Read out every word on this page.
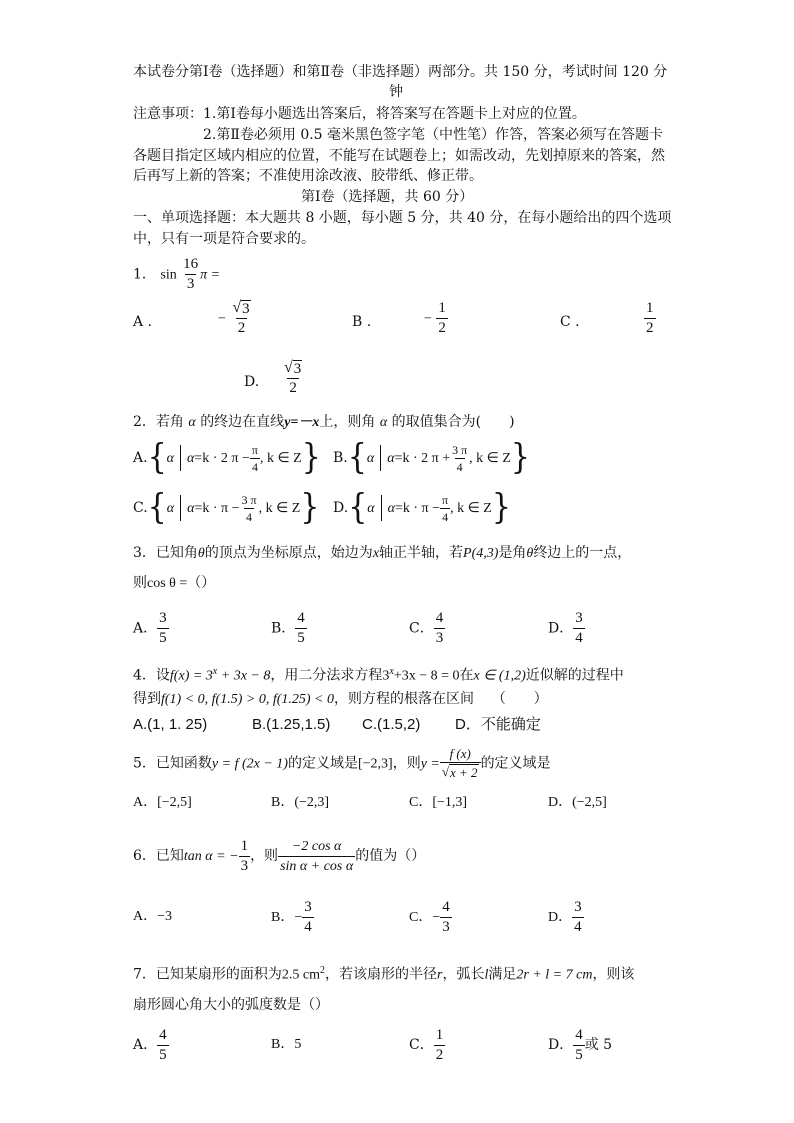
本试卷分第Ⅰ卷（选择题）和第Ⅱ卷（非选择题）两部分。共 150 分，考试时间 120 分
钟
注意事项：1.第Ⅰ卷每小题选出答案后，将答案写在答题卡上对应的位置。
2.第Ⅱ卷必须用 0.5 毫米黑色签字笔（中性笔）作答，答案必须写在答题卡
各题目指定区域内相应的位置，不能写在试题卷上；如需改动，先划掉原来的答案，然
后再写上新的答案；不准使用涂改液、胶带纸、修正带。
第Ⅰ卷（选择题，共 60 分）
一、单项选择题：本大题共 8 小题，每小题 5 分，共 40 分，在每小题给出的四个选项
中，只有一项是符合要求的。
1． $\sin \frac{16}{3}$ π =
A .	− $\frac{√ 3}{2}$	B .	− $\frac{1}{2}$	C .	$\frac{1}{2}$
D. $\frac{√ 3}{2}$
2．若角 α 的终边在直线y=－x上，则角 α 的取值集合为(　　)
A.{α α=k · 2 $\pi - \frac{\pi}{4}$ , k ∈ Z} B.{α α=k · 2 $\pi + \frac{3 \pi}{4}$ , k ∈ Z}
C.{α $\alpha=k \cdot \pi - \frac{3 \pi}{4}$ , k ∈ Z} D.{α $\alpha=k \cdot \pi - \frac{\pi}{4}$ , k ∈ Z}
3．已知角θ的顶点为坐标原点，始边为x轴正半轴，若P(4,3)是角θ终边上的一点，
则cos θ =（）
A． $\frac{3}{5}$	B． $\frac{4}{5}$	C． $\frac{4}{3}$	D． $\frac{3}{4}$
4．设$f(x) = 3^x + 3x - 8$，用二分法求方程$3^x+3x - 8 = 0$在x ∈ (1,2)近似解的过程中
得到f(1) < 0, f(1.5) > 0, f(1.25) < 0，则方程的根落在区间 （　　）
A.(1, 1. 25)	B.(1.25,1.5) C.(1.5,2) D．不能确定
5．已知函数y = f (2x − 1)的定义域是[−2,3]，则$y = \frac{f (x)}{√ x + 2}$ 的定义域是
A．[−2,5]	B．(−2,3]	C．[−1,3]	D．(−2,5]
6．已知tan α = − $\frac{1}{3}$ ，则 $\frac{\text{−2 cos α}}{\text{sin α + cos α}}$ 的值为（）
A．−3	B．− $\frac{3}{4}$	C．− $\frac{4}{3}$	D． $\frac{3}{4}$
7．已知某扇形的面积为2.5 $cm^2$，若该扇形的半径r，弧长l满足2r + l = 7 cm，则该
扇形圆心角大小的弧度数是（）
A． $\frac{4}{5}$	B．5	C． $\frac{1}{2}$	D． $\frac{4}{5}$ 或 5
